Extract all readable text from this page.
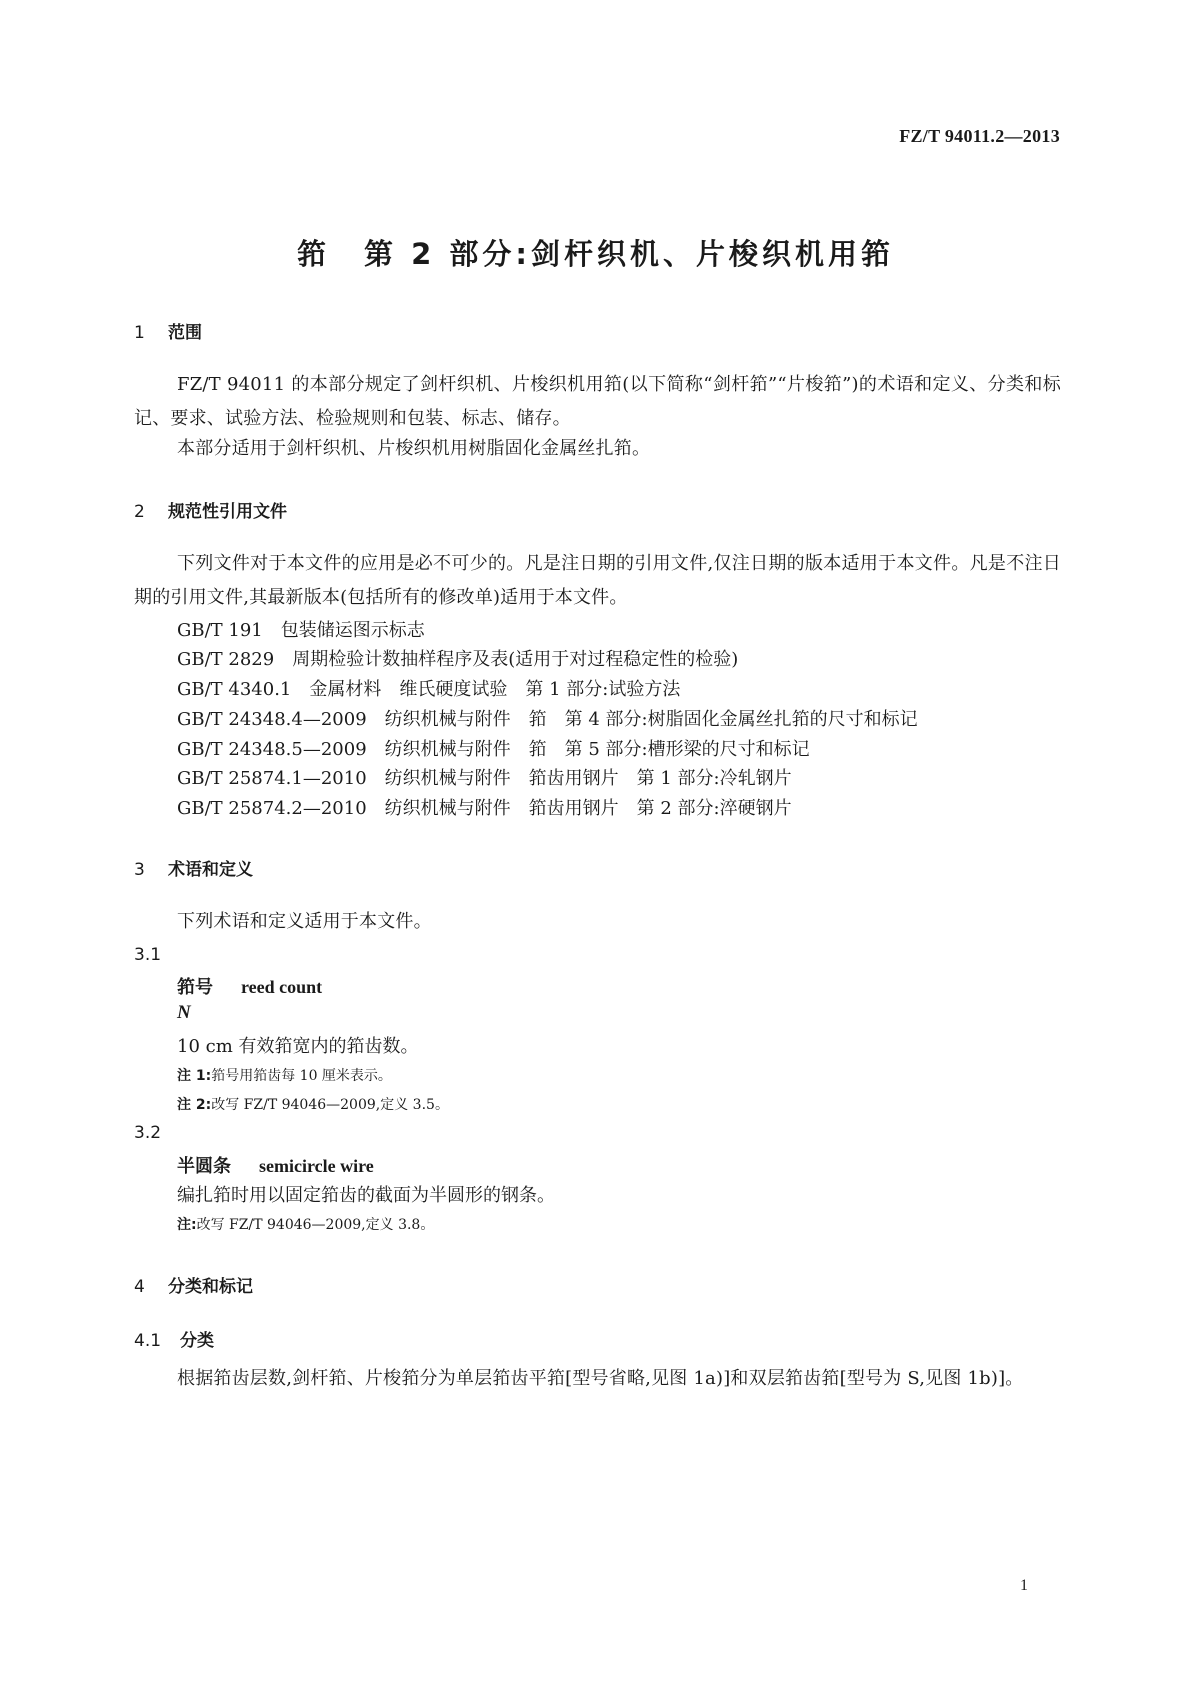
FZ/T 94011.2—2013
筘 第 2 部分:剑杆织机、片梭织机用筘
1 范围
FZ/T 94011 的本部分规定了剑杆织机、片梭织机用筘(以下简称“剑杆筘”“片梭筘”)的术语和定义、分类和标记、要求、试验方法、检验规则和包装、标志、储存。
本部分适用于剑杆织机、片梭织机用树脂固化金属丝扎筘。
2 规范性引用文件
下列文件对于本文件的应用是必不可少的。凡是注日期的引用文件,仅注日期的版本适用于本文件。凡是不注日期的引用文件,其最新版本(包括所有的修改单)适用于本文件。
GB/T 191　包装储运图示标志
GB/T 2829　周期检验计数抽样程序及表(适用于对过程稳定性的检验)
GB/T 4340.1　金属材料　维氏硬度试验　第 1 部分:试验方法
GB/T 24348.4—2009　纺织机械与附件　筘　第 4 部分:树脂固化金属丝扎筘的尺寸和标记
GB/T 24348.5—2009　纺织机械与附件　筘　第 5 部分:槽形梁的尺寸和标记
GB/T 25874.1—2010　纺织机械与附件　筘齿用钢片　第 1 部分:冷轧钢片
GB/T 25874.2—2010　纺织机械与附件　筘齿用钢片　第 2 部分:淬硬钢片
3 术语和定义
下列术语和定义适用于本文件。
3.1
筘号 reed count
N
10 cm 有效筘宽内的筘齿数。
注 1:筘号用筘齿每 10 厘米表示。
注 2:改写 FZ/T 94046—2009,定义 3.5。
3.2
半圆条 semicircle wire
编扎筘时用以固定筘齿的截面为半圆形的钢条。
注:改写 FZ/T 94046—2009,定义 3.8。
4 分类和标记
4.1 分类
根据筘齿层数,剑杆筘、片梭筘分为单层筘齿平筘[型号省略,见图 1a)]和双层筘齿筘[型号为 S,见图 1b)]。
1
